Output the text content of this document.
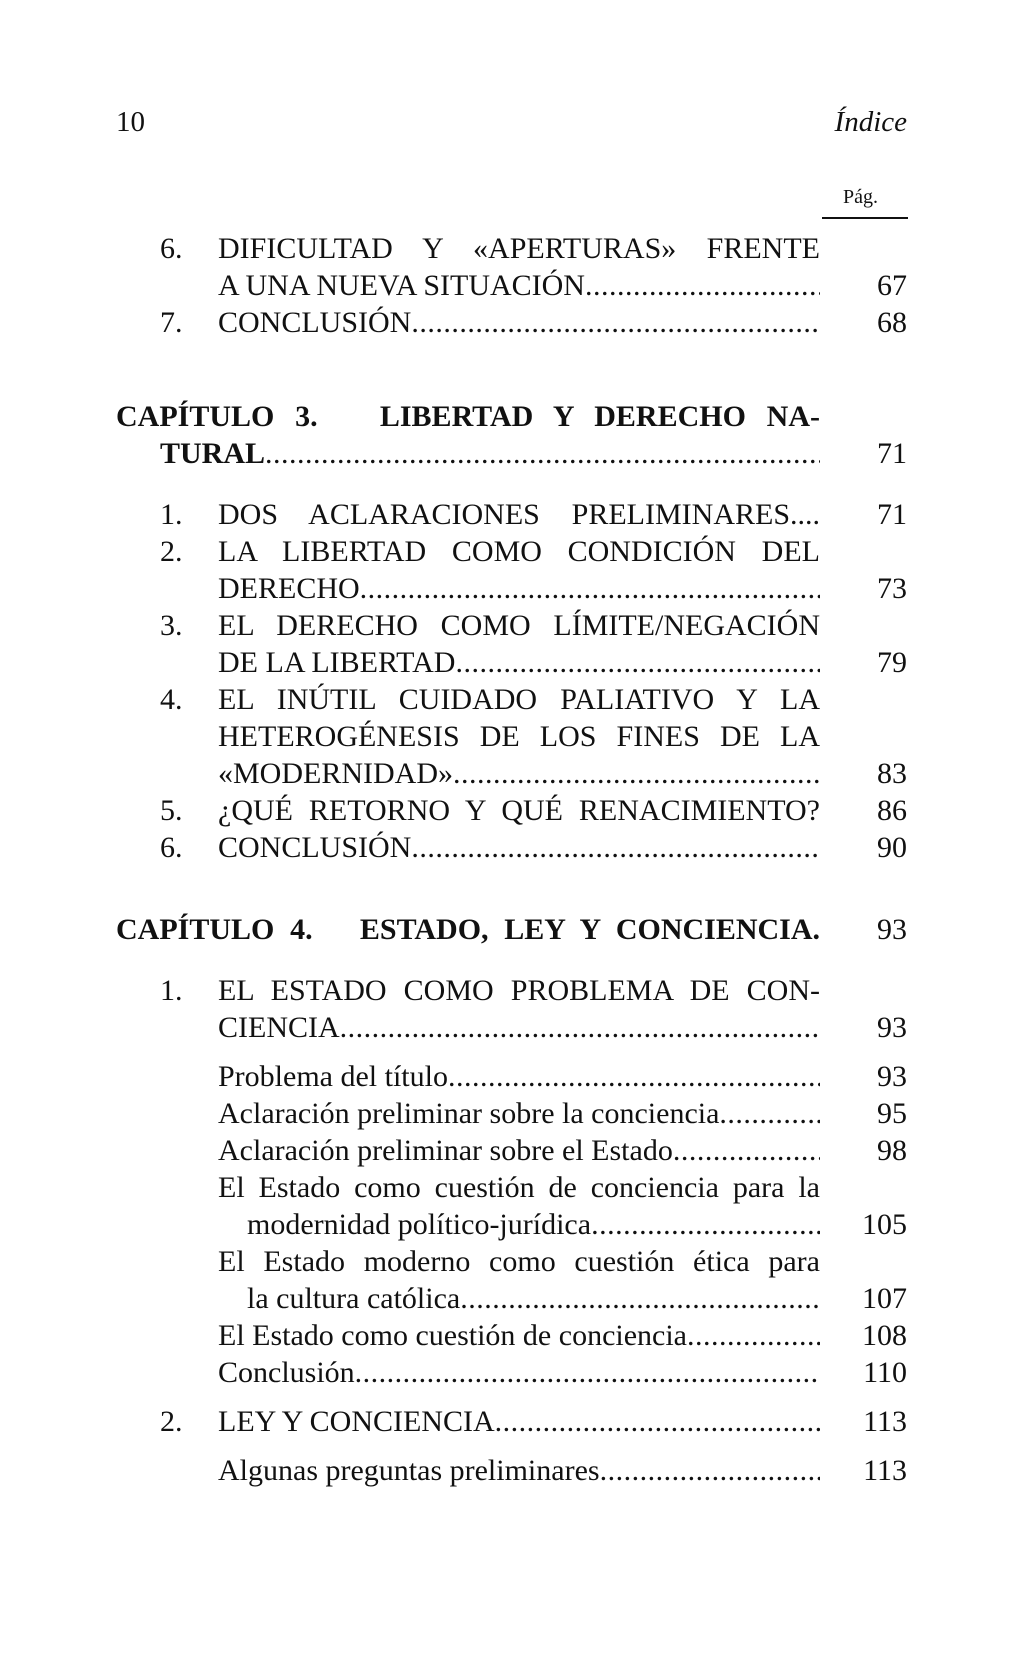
10	Índice
Pág.
6. DIFICULTAD Y «APERTURAS» FRENTE
A UNA NUEVA SITUACIÓN .....	67
7. CONCLUSIÓN .....	68
CAPÍTULO 3.   LIBERTAD Y DERECHO NA-
TURAL .....	71
1. DOS ACLARACIONES PRELIMINARES.... 71
2. LA LIBERTAD COMO CONDICIÓN DEL
DERECHO .....	73
3. EL DERECHO COMO LÍMITE/NEGACIÓN
DE LA LIBERTAD .....	79
4. EL INÚTIL CUIDADO PALIATIVO Y LA
HETEROGÉNESIS DE LOS FINES DE LA
«MODERNIDAD» .....	83
5. ¿QUÉ RETORNO Y QUÉ RENACIMIENTO? 86
6. CONCLUSIÓN .....	90
CAPÍTULO 4.   ESTADO, LEY Y CONCIENCIA. 93
1. EL ESTADO COMO PROBLEMA DE CON-
CIENCIA .....	93
Problema del título .....	93
Aclaración preliminar sobre la conciencia .....	95
Aclaración preliminar sobre el Estado .....	98
El Estado como cuestión de conciencia para la
modernidad político-jurídica .....	105
El Estado moderno como cuestión ética para
la cultura católica .....	107
El Estado como cuestión de conciencia .....	108
Conclusión .....	110
2. LEY Y CONCIENCIA .....	113
Algunas preguntas preliminares .....	113
